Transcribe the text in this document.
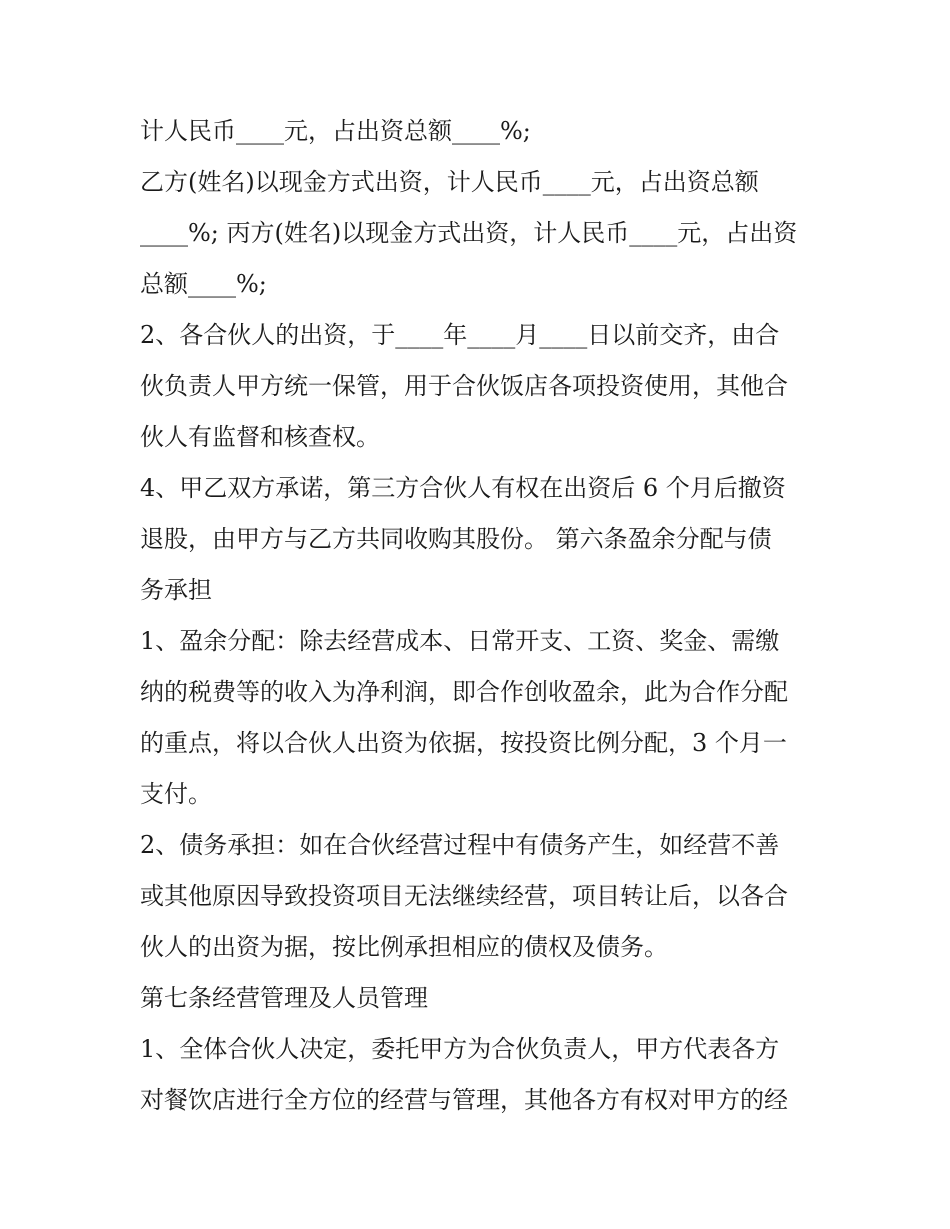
计人民币____元，占出资总额____%;
乙方(姓名)以现金方式出资，计人民币____元，占出资总额
____%; 丙方(姓名)以现金方式出资，计人民币____元，占出资
总额____%;
2、各合伙人的出资，于____年____月____日以前交齐，由合
伙负责人甲方统一保管，用于合伙饭店各项投资使用，其他合
伙人有监督和核查权。
4、甲乙双方承诺，第三方合伙人有权在出资后 6 个月后撤资
退股，由甲方与乙方共同收购其股份。 第六条盈余分配与债
务承担
1、盈余分配：除去经营成本、日常开支、工资、奖金、需缴
纳的税费等的收入为净利润，即合作创收盈余，此为合作分配
的重点，将以合伙人出资为依据，按投资比例分配，3 个月一
支付。
2、债务承担：如在合伙经营过程中有债务产生，如经营不善
或其他原因导致投资项目无法继续经营，项目转让后，以各合
伙人的出资为据，按比例承担相应的债权及债务。
第七条经营管理及人员管理
1、全体合伙人决定，委托甲方为合伙负责人，甲方代表各方
对餐饮店进行全方位的经营与管理，其他各方有权对甲方的经
